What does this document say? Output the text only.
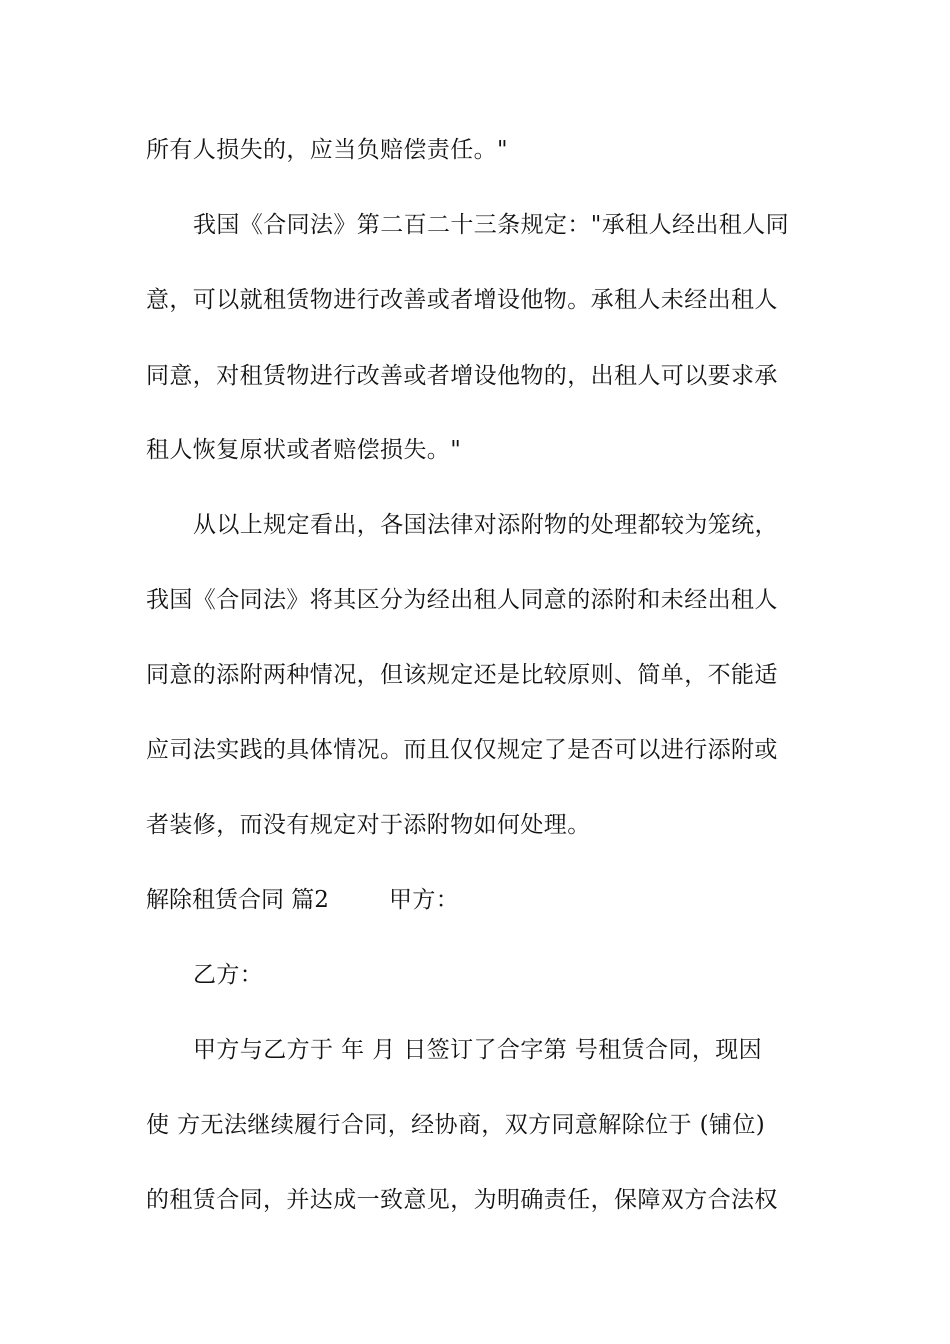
所有人损失的，应当负赔偿责任。"
我国《合同法》第二百二十三条规定："承租人经出租人同
意，可以就租赁物进行改善或者增设他物。承租人未经出租人
同意，对租赁物进行改善或者增设他物的，出租人可以要求承
租人恢复原状或者赔偿损失。"
从以上规定看出，各国法律对添附物的处理都较为笼统，
我国《合同法》将其区分为经出租人同意的添附和未经出租人
同意的添附两种情况，但该规定还是比较原则、简单，不能适
应司法实践的具体情况。而且仅仅规定了是否可以进行添附或
者装修，而没有规定对于添附物如何处理。
解除租赁合同 篇2	甲方：
乙方：
甲方与乙方于 年 月 日签订了合字第 号租赁合同，现因
使 方无法继续履行合同，经协商，双方同意解除位于 (铺位)
的租赁合同，并达成一致意见，为明确责任，保障双方合法权
